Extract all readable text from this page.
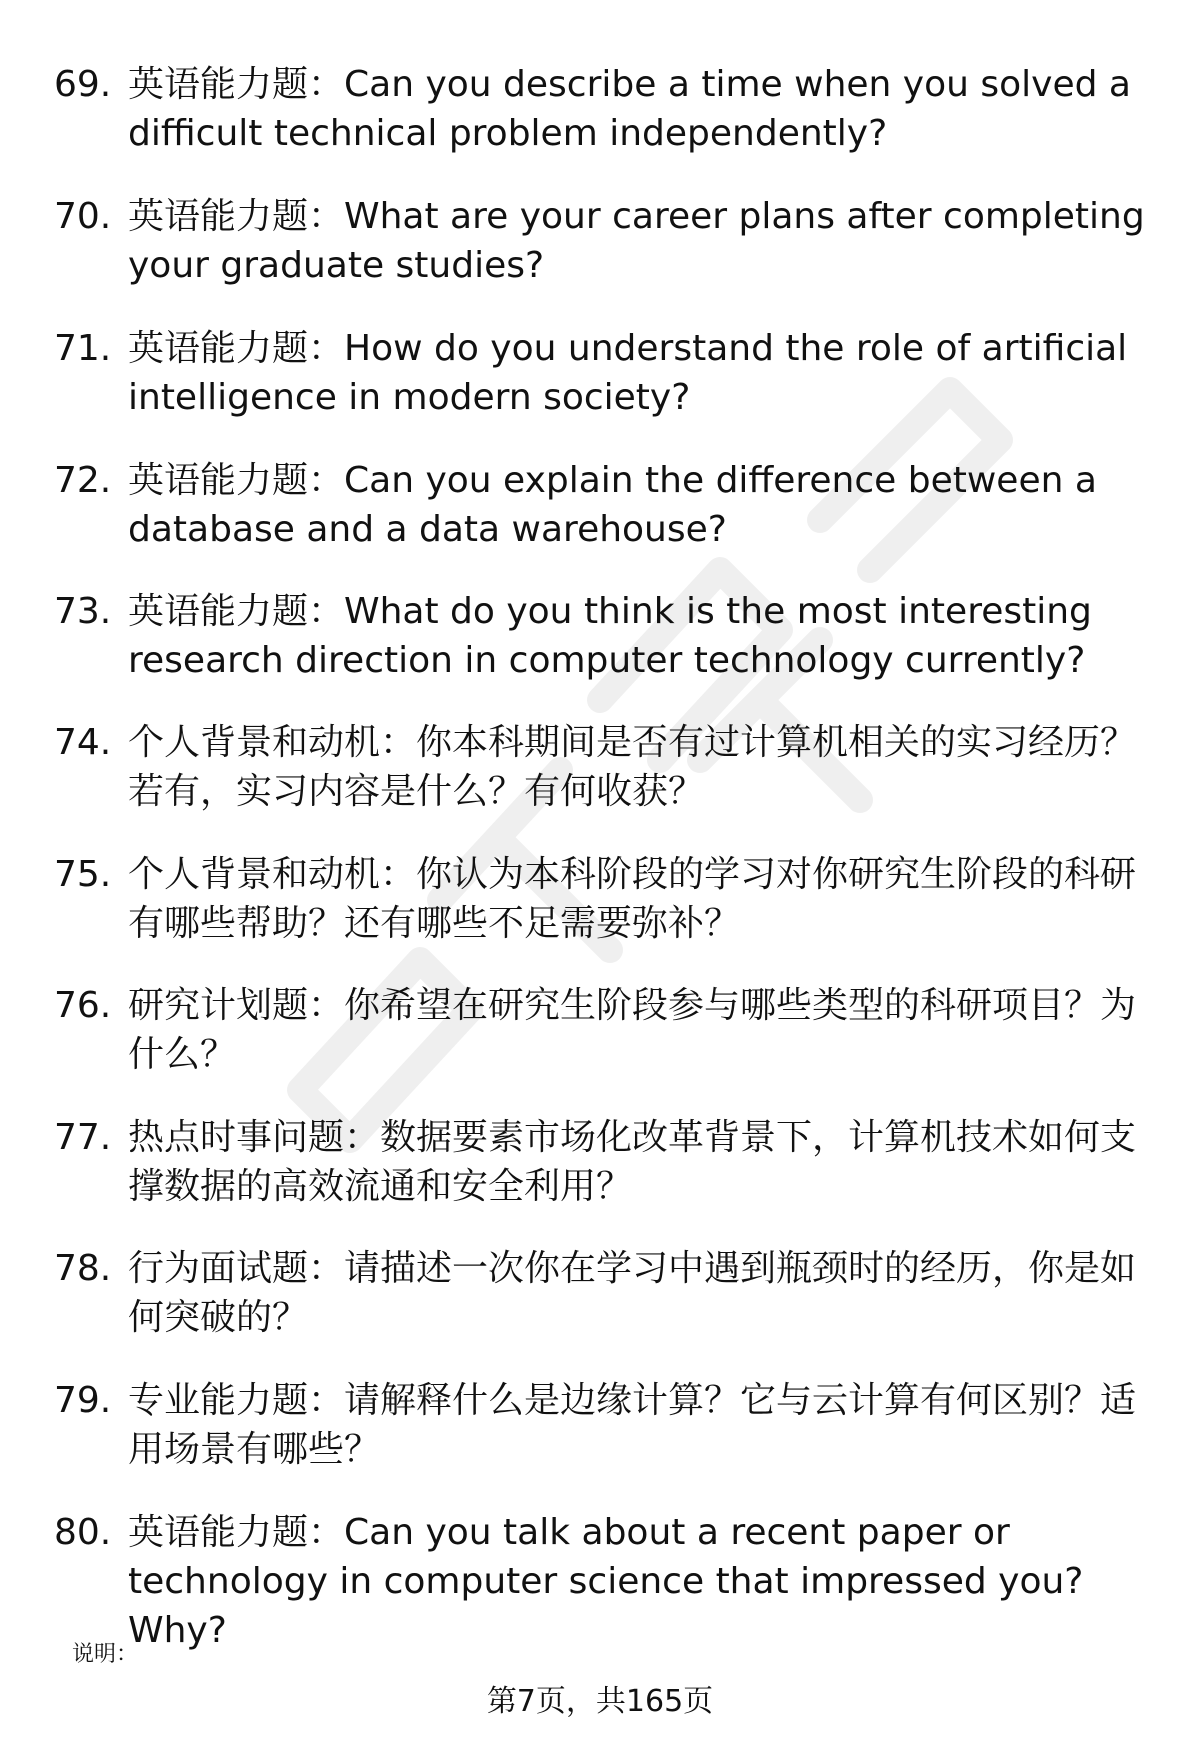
69. 英语能力题：Can you describe a time when you solved a
difficult technical problem independently?
70. 英语能力题：What are your career plans after completing
your graduate studies?
71. 英语能力题：How do you understand the role of artificial
intelligence in modern society?
72. 英语能力题：Can you explain the difference between a
database and a data warehouse?
73. 英语能力题：What do you think is the most interesting
research direction in computer technology currently?
74. 个人背景和动机：你本科期间是否有过计算机相关的实习经历？
若有，实习内容是什么？有何收获？
75. 个人背景和动机：你认为本科阶段的学习对你研究生阶段的科研
有哪些帮助？还有哪些不足需要弥补？
76. 研究计划题：你希望在研究生阶段参与哪些类型的科研项目？为
什么？
77. 热点时事问题：数据要素市场化改革背景下，计算机技术如何支
撑数据的高效流通和安全利用？
78. 行为面试题：请描述一次你在学习中遇到瓶颈时的经历，你是如
何突破的？
79. 专业能力题：请解释什么是边缘计算？它与云计算有何区别？适
用场景有哪些？
80. 英语能力题：Can you talk about a recent paper or
technology in computer science that impressed you? Why?
说明：
第7页，共165页
